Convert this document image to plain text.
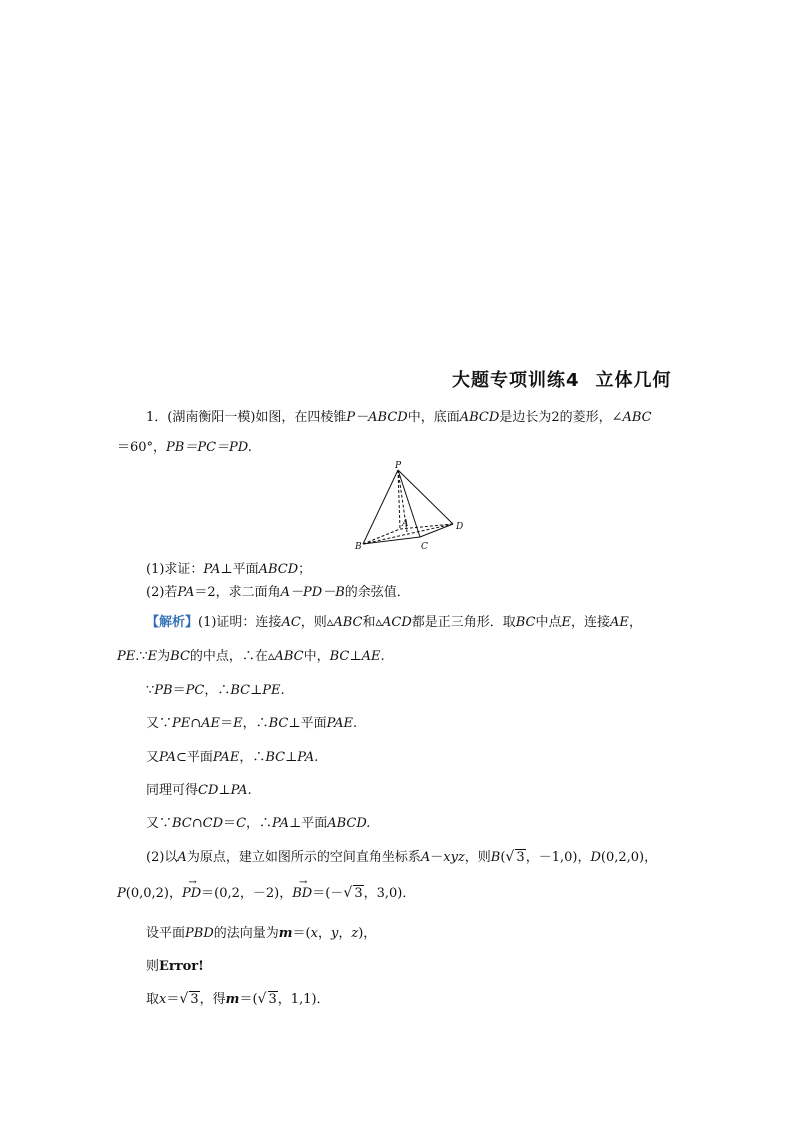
大题专项训练4 立体几何
1．(湖南衡阳一模)如图，在四棱锥P－ABCD中，底面ABCD是边长为2的菱形，∠ABC
＝60°，PB＝PC＝PD.
P
A
B	C
D
(1)求证：PA⊥平面ABCD；
(2)若PA＝2，求二面角A－PD－B的余弦值．
【解析】(1)证明：连接AC，则▵ABC和▵ACD都是正三角形．取BC中点E，连接AE，
PE.∵E为BC的中点，∴在▵ABC中，BC⊥AE.
∵PB＝PC，∴BC⊥PE.
又∵PE∩AE＝E，∴BC⊥平面PAE.
又PA⊂平面PAE，∴BC⊥PA.
同理可得CD⊥PA.
又∵BC∩CD＝C，∴PA⊥平面ABCD.
(2)以A为原点，建立如图所示的空间直角坐标系A－xyz，则B( √ 3，－1,0)，D(0,2,0)，
P(0,0,2)，→ PD＝(0,2，－2)，→ BD＝(－ √ 3，3,0)．
设平面PBD的法向量为m＝(x，y，z)，
则Error!
取x＝ √ 3，得m＝( √ 3，1,1)．
